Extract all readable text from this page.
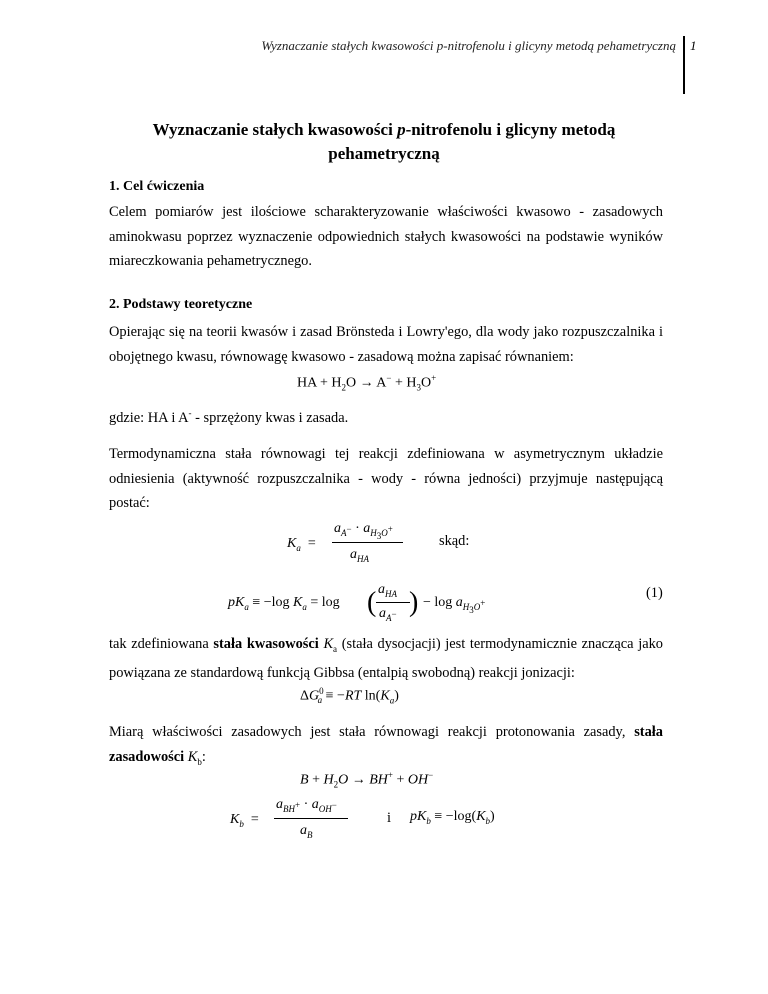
Wyznaczanie stałych kwasowości p-nitrofenolu i glicyny metodą pehametryczną 1
Wyznaczanie stałych kwasowości p-nitrofenolu i glicyny metodą
pehametryczną
1. Cel ćwiczenia
Celem pomiarów jest ilościowe scharakteryzowanie właściwości kwasowo - zasadowych aminokwasu poprzez wyznaczenie odpowiednich stałych kwasowości na podstawie wyników miareczkowania pehametrycznego.
2. Podstawy teoretyczne
Opierając się na teorii kwasów i zasad Brönsteda i Lowry'ego, dla wody jako rozpuszczalnika i obojętnego kwasu, równowagę kwasowo - zasadową można zapisać równaniem:
HA + $H_2O \to A^- + H_3O^+$
gdzie: HA i A- - sprzężony kwas i zasada.
Termodynamiczna stała równowagi tej reakcji zdefiniowana w asymetrycznym układzie odniesienia (aktywność rozpuszczalnika - wody - równa jedności) przyjmuje następującą postać:
$K_a$  =
$a_{A^-} \cdot a_{H_3O^+}$
$a_{HA}$
skąd:
$pK_a \equiv -\log$ $K_a = \log$ ( $a_{HA}$
$a_{A^-}$ ) − $\log a_{H_3O^+}$
(1)
tak zdefiniowana stała kwasowości $K_a$ (stała dysocjacji) jest termodynamicznie znacząca jako powiązana ze standardową funkcją Gibbsa (entalpią swobodną) reakcji jonizacji:
$\Delta G^0_a \equiv -RT$ $\ln(K_a)$
Miarą właściwości zasadowych jest stała równowagi reakcji protonowania zasady, stała zasadowości $K_b$:
$B + H_2O \to BH^+ + OH^-$
$K_b$  =
$a_{BH^+} \cdot a_{OH^-}$
$a_B$
i $pK_b \equiv -\log(K_b)$
